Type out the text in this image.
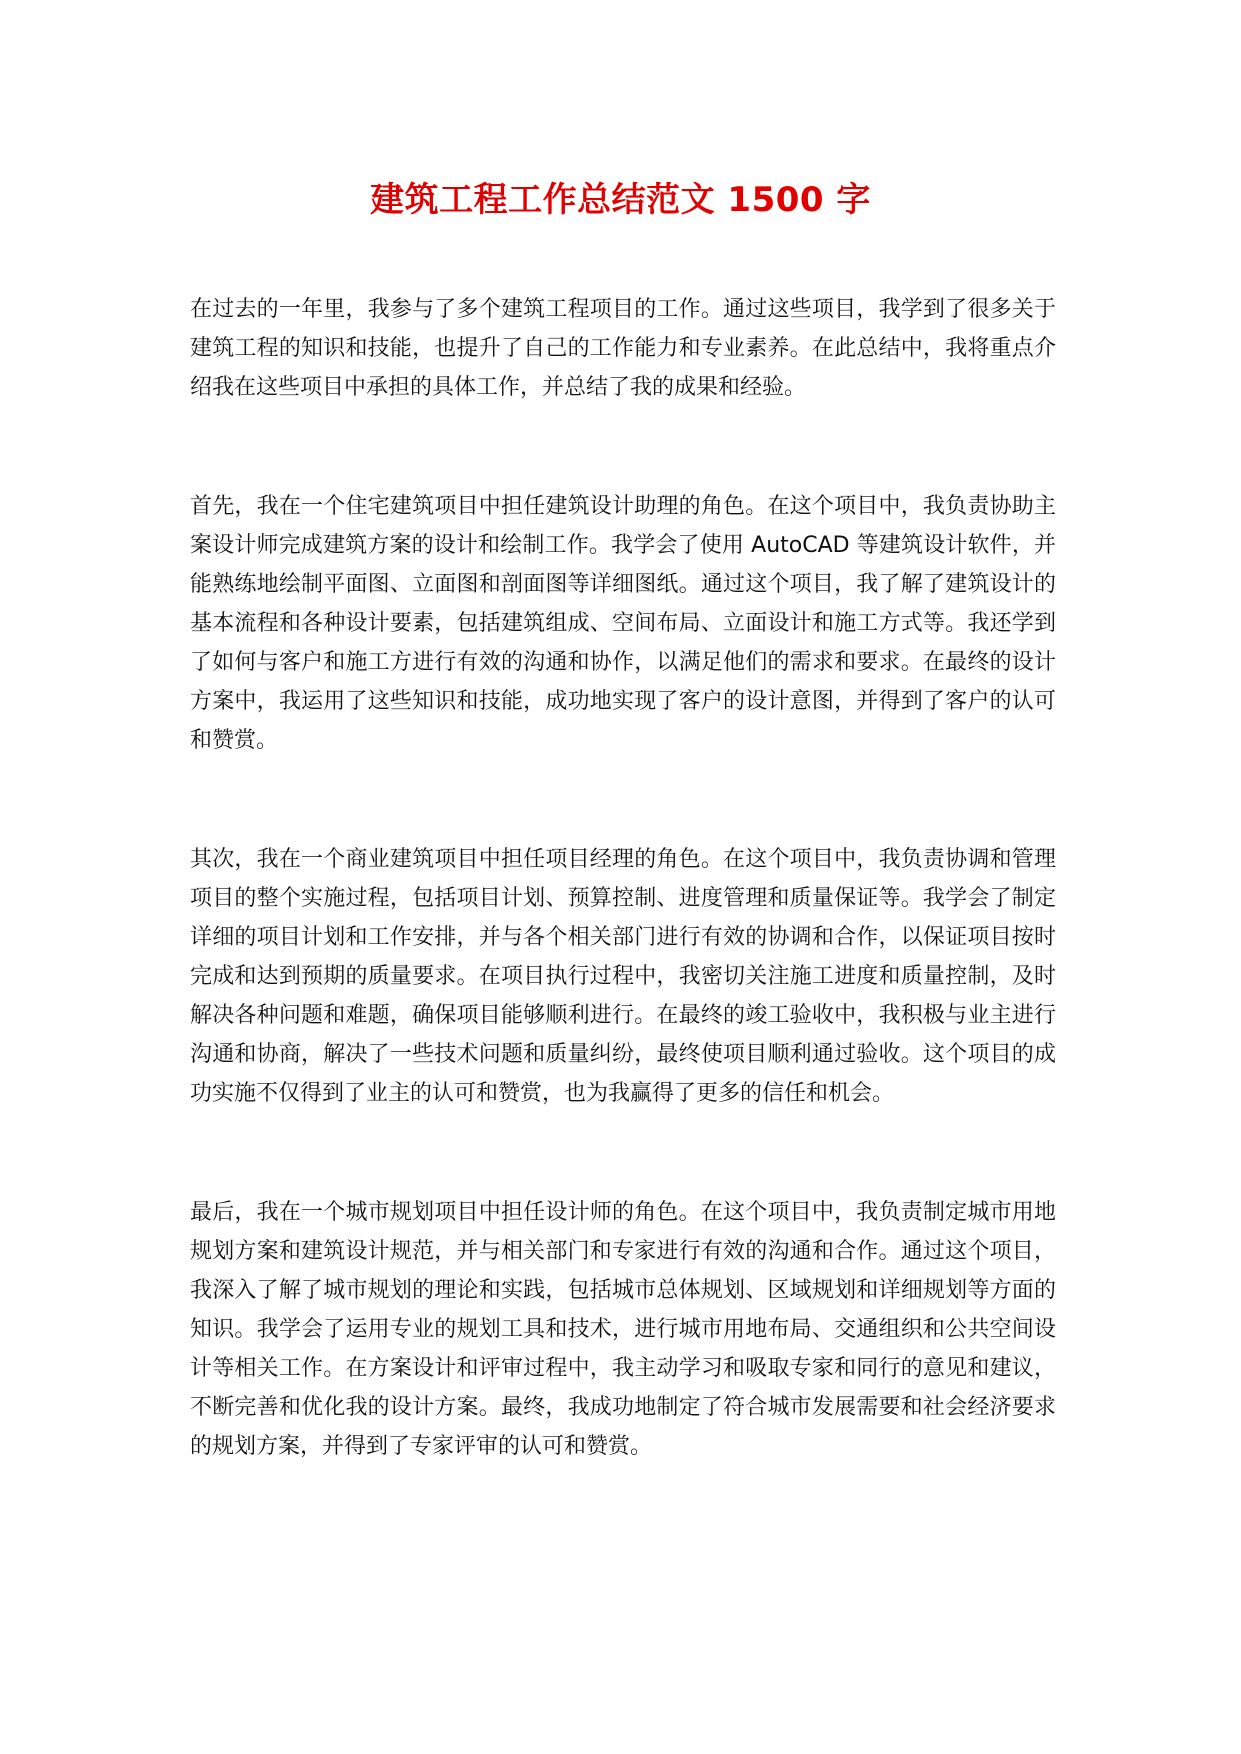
建筑工程工作总结范文 1500 字

在过去的一年里，我参与了多个建筑工程项目的工作。通过这些项目，我学到了很多关于建筑工程的知识和技能，也提升了自己的工作能力和专业素养。在此总结中，我将重点介绍我在这些项目中承担的具体工作，并总结了我的成果和经验。

首先，我在一个住宅建筑项目中担任建筑设计助理的角色。在这个项目中，我负责协助主案设计师完成建筑方案的设计和绘制工作。我学会了使用 AutoCAD 等建筑设计软件，并能熟练地绘制平面图、立面图和剖面图等详细图纸。通过这个项目，我了解了建筑设计的基本流程和各种设计要素，包括建筑组成、空间布局、立面设计和施工方式等。我还学到了如何与客户和施工方进行有效的沟通和协作，以满足他们的需求和要求。在最终的设计方案中，我运用了这些知识和技能，成功地实现了客户的设计意图，并得到了客户的认可和赞赏。

其次，我在一个商业建筑项目中担任项目经理的角色。在这个项目中，我负责协调和管理项目的整个实施过程，包括项目计划、预算控制、进度管理和质量保证等。我学会了制定详细的项目计划和工作安排，并与各个相关部门进行有效的协调和合作，以保证项目按时完成和达到预期的质量要求。在项目执行过程中，我密切关注施工进度和质量控制，及时解决各种问题和难题，确保项目能够顺利进行。在最终的竣工验收中，我积极与业主进行沟通和协商，解决了一些技术问题和质量纠纷，最终使项目顺利通过验收。这个项目的成功实施不仅得到了业主的认可和赞赏，也为我赢得了更多的信任和机会。

最后，我在一个城市规划项目中担任设计师的角色。在这个项目中，我负责制定城市用地规划方案和建筑设计规范，并与相关部门和专家进行有效的沟通和合作。通过这个项目，我深入了解了城市规划的理论和实践，包括城市总体规划、区域规划和详细规划等方面的知识。我学会了运用专业的规划工具和技术，进行城市用地布局、交通组织和公共空间设计等相关工作。在方案设计和评审过程中，我主动学习和吸取专家和同行的意见和建议，不断完善和优化我的设计方案。最终，我成功地制定了符合城市发展需要和社会经济要求的规划方案，并得到了专家评审的认可和赞赏。
